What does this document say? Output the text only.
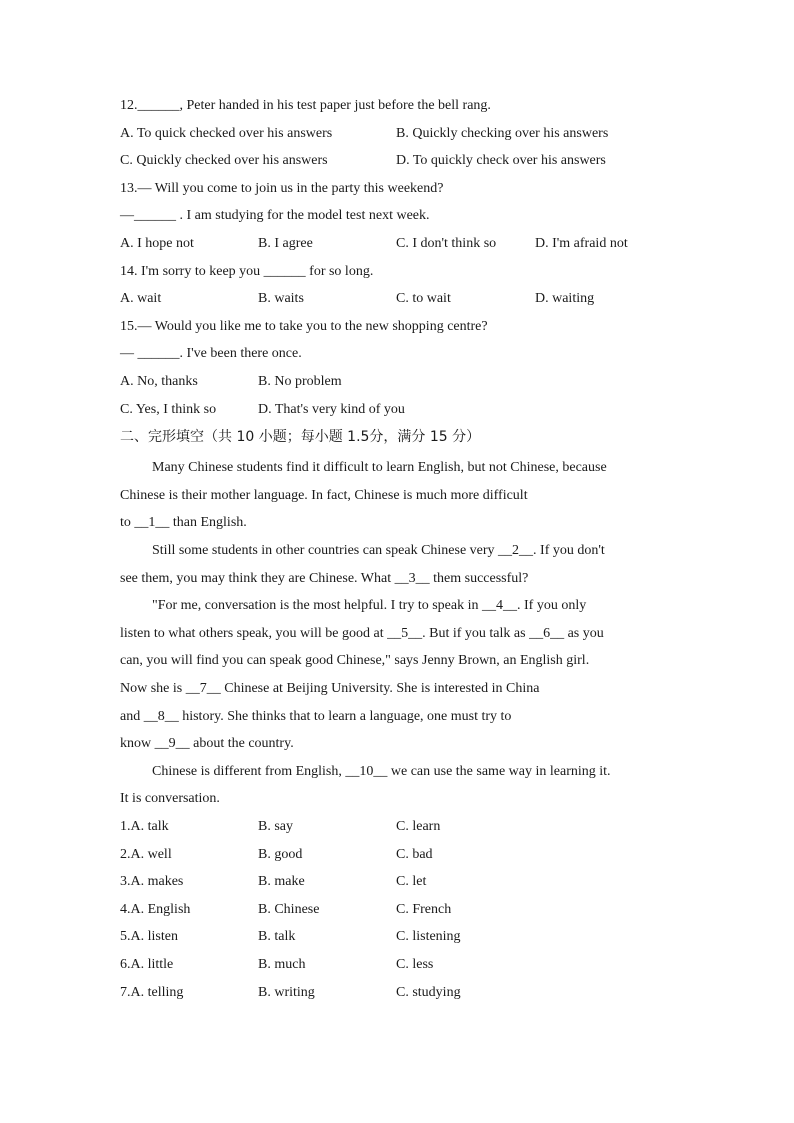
12.______, Peter handed in his test paper just before the bell rang.
A. To quick checked over his answers	B. Quickly checking over his answers
C. Quickly checked over his answers	D. To quickly check over his answers
13.— Will you come to join us in the party this weekend?
—______ . I am studying for the model test next week.
A. I hope not	B. I agree	C. I don't think so	D. I'm afraid not
14. I'm sorry to keep you ______ for so long.
A. wait	B. waits	C. to wait	D. waiting
15.— Would you like me to take you to the new shopping centre?
— ______. I've been there once.
A. No, thanks	B. No problem
C. Yes, I think so	D. That's very kind of you
二、完形填空（共 10 小题；每小题 1.5分，满分 15 分）
Many Chinese students find it difficult to learn English, but not Chinese, because
Chinese is their mother language. In fact, Chinese is much more difficult
to __1__ than English.
Still some students in other countries can speak Chinese very __2__. If you don't
see them, you may think they are Chinese. What __3__ them successful?
"For me, conversation is the most helpful. I try to speak in __4__. If you only
listen to what others speak, you will be good at __5__. But if you talk as __6__ as you
can, you will find you can speak good Chinese," says Jenny Brown, an English girl.
Now she is __7__ Chinese at Beijing University. She is interested in China
and __8__ history. She thinks that to learn a language, one must try to
know __9__ about the country.
Chinese is different from English, __10__ we can use the same way in learning it.
It is conversation.
1.A. talk	B. say	C. learn
2.A. well	B. good	C. bad
3.A. makes	B. make	C. let
4.A. English	B. Chinese	C. French
5.A. listen	B. talk	C. listening
6.A. little	B. much	C. less
7.A. telling	B. writing	C. studying
